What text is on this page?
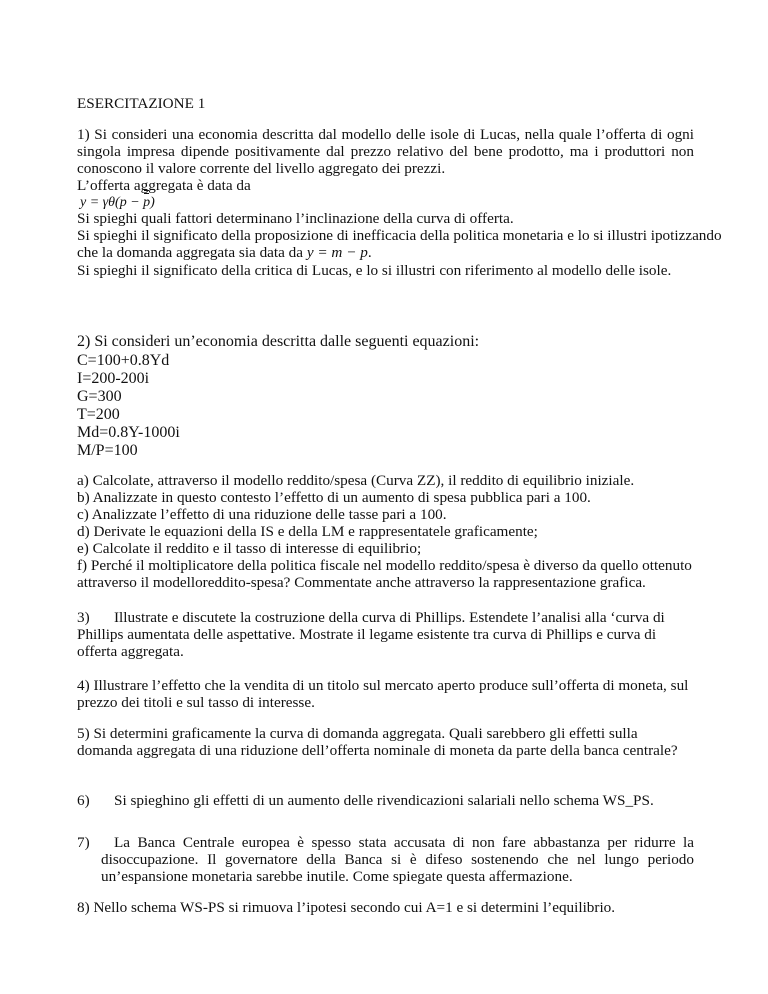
ESERCITAZIONE 1
1) Si consideri una economia descritta dal modello delle isole di Lucas, nella quale l’offerta di ogni
singola impresa dipende positivamente dal prezzo relativo del bene prodotto, ma i produttori non
conoscono il valore corrente del livello aggregato dei prezzi.
L’offerta aggregata è data da
y = γθ(p − p)
Si spieghi quali fattori determinano l’inclinazione della curva di offerta.
Si spieghi il significato della proposizione di inefficacia della politica monetaria e lo si illustri ipotizzando
che la domanda aggregata sia data da y = m − p.
Si spieghi il significato della critica di Lucas, e lo si illustri con riferimento al modello delle isole.
2) Si consideri un’economia descritta dalle seguenti equazioni:
C=100+0.8Yd
I=200-200i
G=300
T=200
Md=0.8Y-1000i
M/P=100
a) Calcolate, attraverso il modello reddito/spesa (Curva ZZ), il reddito di equilibrio iniziale.
b) Analizzate in questo contesto l’effetto di un aumento di spesa pubblica pari a 100.
c) Analizzate l’effetto di una riduzione delle tasse pari a 100.
d) Derivate le equazioni della IS e della LM e rappresentatele graficamente;
e) Calcolate il reddito e il tasso di interesse di equilibrio;
f) Perché il moltiplicatore della politica fiscale nel modello reddito/spesa è diverso da quello ottenuto
attraverso il modelloreddito-spesa? Commentate anche attraverso la rappresentazione grafica.
3) Illustrate e discutete la costruzione della curva di Phillips. Estendete l’analisi alla ‘curva di
Phillips aumentata delle aspettative. Mostrate il legame esistente tra curva di Phillips e curva di
offerta aggregata.
4) Illustrare l’effetto che la vendita di un titolo sul mercato aperto produce sull’offerta di moneta, sul
prezzo dei titoli e sul tasso di interesse.
5) Si determini graficamente la curva di domanda aggregata. Quali sarebbero gli effetti sulla
domanda aggregata di una riduzione dell’offerta nominale di moneta da parte della banca centrale?
6) Si spieghino gli effetti di un aumento delle rivendicazioni salariali nello schema WS_PS.
7) La Banca Centrale europea è spesso stata accusata di non fare abbastanza per ridurre la
disoccupazione. Il governatore della Banca si è difeso sostenendo che nel lungo periodo
un’espansione monetaria sarebbe inutile. Come spiegate questa affermazione.
8) Nello schema WS-PS si rimuova l’ipotesi secondo cui A=1 e si determini l’equilibrio.
